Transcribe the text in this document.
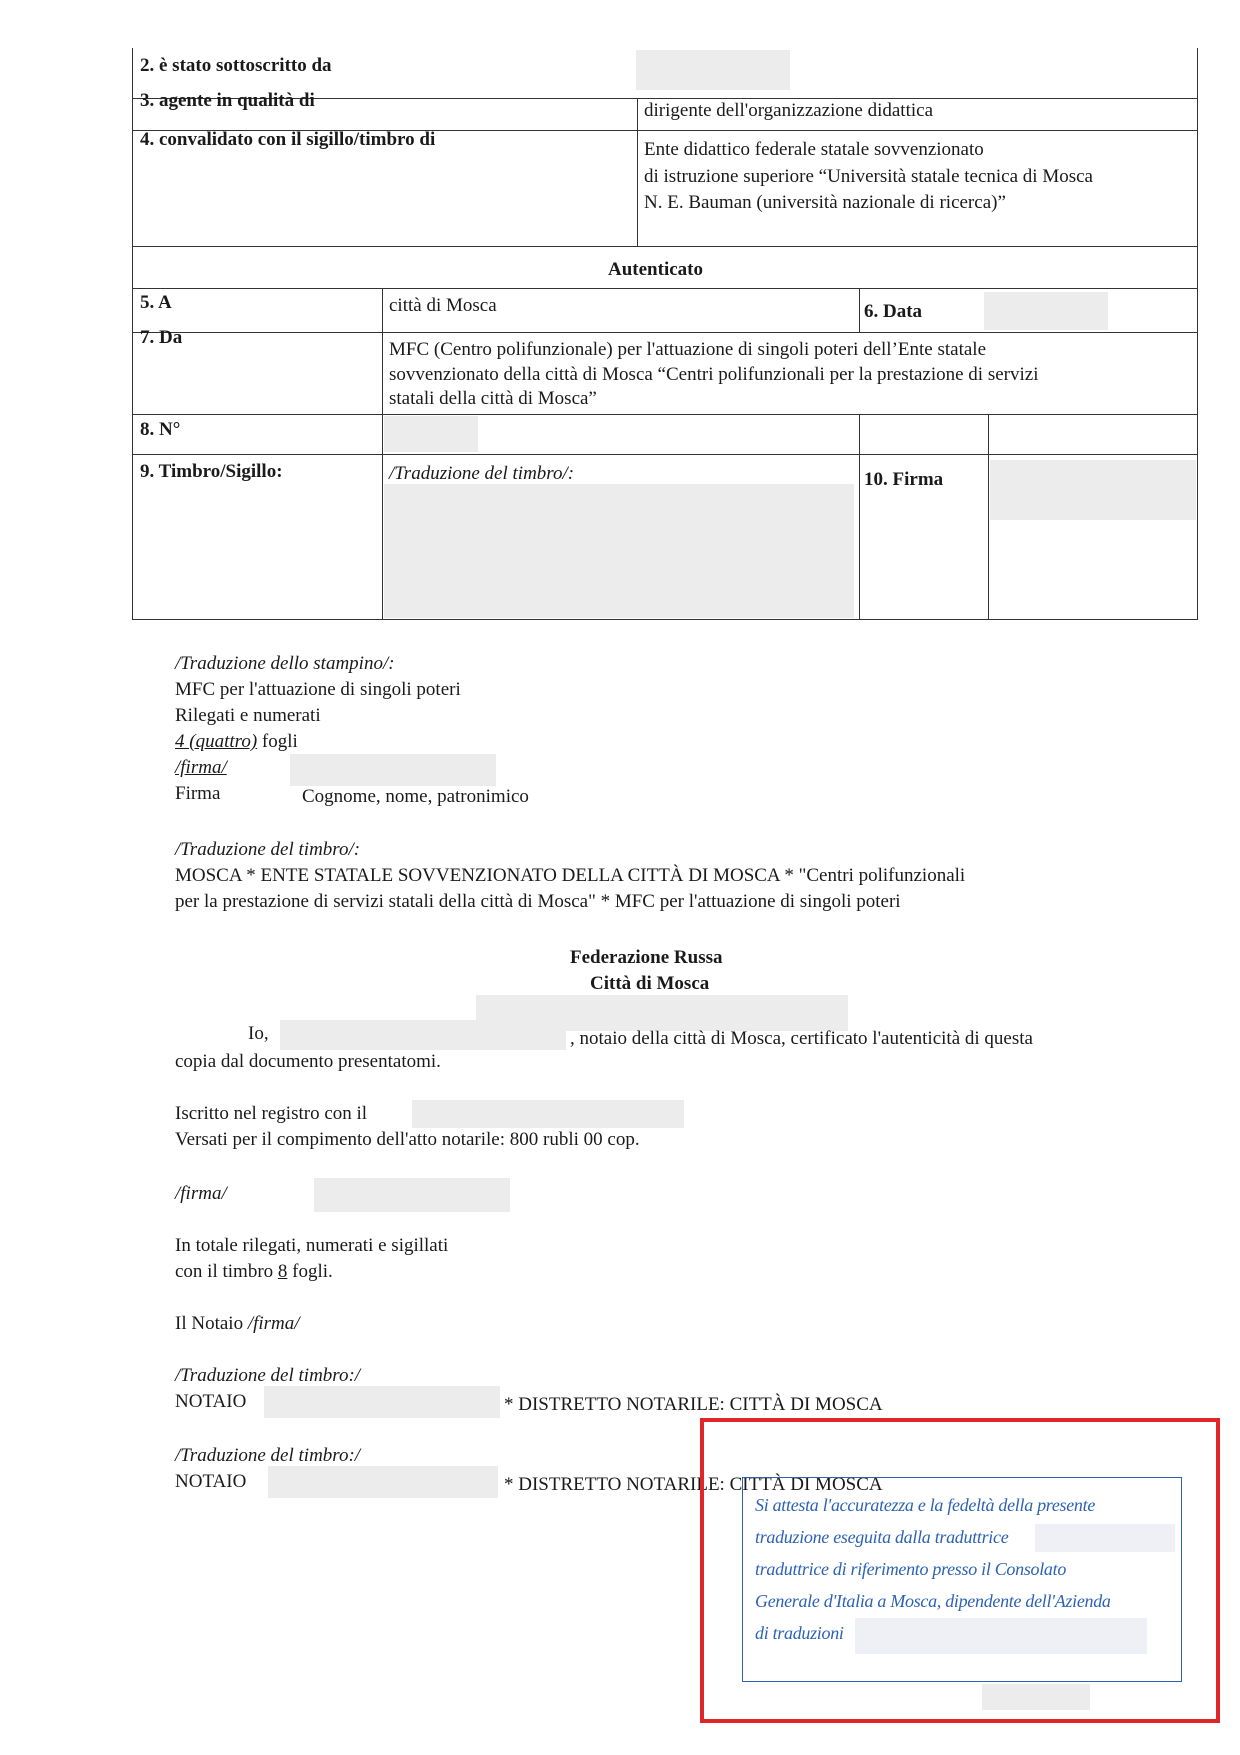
2. è stato sottoscritto da
3. agente in qualità di	dirigente dell'organizzazione didattica
4. convalidato con il sigillo/timbro di	Ente didattico federale statale sovvenzionato
di istruzione superiore “Università statale tecnica di Mosca
N. E. Bauman (università nazionale di ricerca)”
Autenticato
5. A	città di Mosca	6. Data
7. Da
MFC (Centro polifunzionale) per l'attuazione di singoli poteri dell’Ente statale
sovvenzionato della città di Mosca “Centri polifunzionali per la prestazione di servizi
statali della città di Mosca”
8. N°
9. Timbro/Sigillo:	/Traduzione del timbro/:	10. Firma
/Traduzione dello stampino/:
MFC per l'attuazione di singoli poteri
Rilegati e numerati
4 (quattro) fogli
/firma/
Firma	Cognome, nome, patronimico
/Traduzione del timbro/:
MOSCA * ENTE STATALE SOVVENZIONATO DELLA CITTÀ DI MOSCA * "Centri polifunzionali
per la prestazione di servizi statali della città di Mosca" * MFC per l'attuazione di singoli poteri
Federazione Russa
Città di Mosca
Io,	, notaio della città di Mosca, certificato l'autenticità di questa
copia dal documento presentatomi.
Iscritto nel registro con il
Versati per il compimento dell'atto notarile: 800 rubli 00 cop.
/firma/
In totale rilegati, numerati e sigillati
con il timbro 8 fogli.
Il Notaio /firma/
/Traduzione del timbro:/
NOTAIO	* DISTRETTO NOTARILE: CITTÀ DI MOSCA
/Traduzione del timbro:/
NOTAIO	* DISTRETTO NOTARILE: CITTÀ DI MOSCA
Si attesta l'accuratezza e la fedeltà della presente
traduzione eseguita dalla traduttrice
traduttrice di riferimento presso il Consolato
Generale d'Italia a Mosca, dipendente dell'Azienda
di traduzioni
